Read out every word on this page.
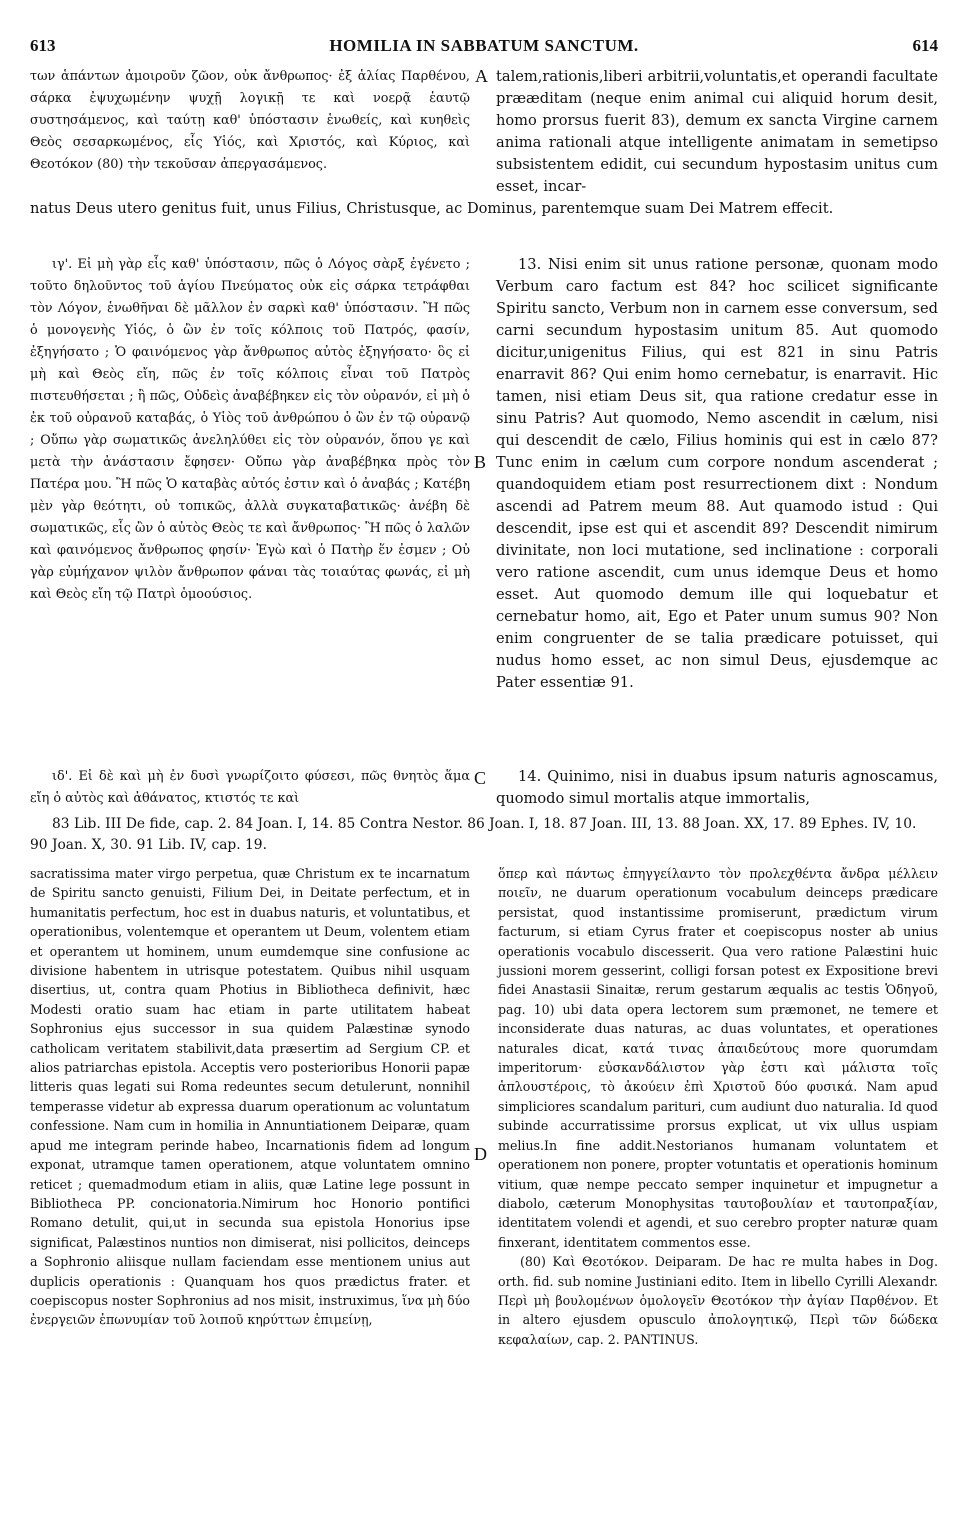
613	HOMILIA IN SABBATUM SANCTUM.	614

των ἁπάντων ἀμοιροῦν ζῶον, οὐκ ἄνθρωπος· ἐξ ἁλίας Παρθένου, σάρκα ἐψυχωμένην ψυχῇ λογικῇ τε καὶ νοερᾷ ἑαυτῷ συστησάμενος, καὶ ταύτῃ καθ' ὑπόστασιν ἑνωθείς, καὶ κυηθεὶς Θεὸς σεσαρκωμένος, εἷς Υἱός, καὶ Χριστός, καὶ Κύριος, καὶ Θεοτόκον (80) τὴν τεκοῦσαν ἀπεργασάμενος.

A talem,rationis,liberi arbitrii,voluntatis,et operandi facultate prææditam (neque enim animal cui aliquid horum desit, homo prorsus fuerit 83), demum ex sancta Virgine carnem anima rationali atque intelligente animatam in semetipso subsistentem edidit, cui secundum hypostasim unitus cum esset, incar-

natus Deus utero genitus fuit, unus Filius, Christusque, ac Dominus, parentemque suam Dei Matrem effecit.

ιγ'. Εἰ μὴ γὰρ εἷς καθ' ὑπόστασιν, πῶς ὁ Λόγος σὰρξ ἐγένετο ; τοῦτο δηλοῦντος τοῦ ἁγίου Πνεύματος οὐκ εἰς σάρκα τετράφθαι τὸν Λόγον, ἑνωθῆναι δὲ μᾶλλον ἐν σαρκὶ καθ' ὑπόστασιν. Ἢ πῶς ὁ μονογενὴς Υἱός, ὁ ὢν ἐν τοῖς κόλποις τοῦ Πατρός, φασίν, ἐξηγήσατο ; Ὁ φαινόμενος γὰρ ἄνθρωπος αὐτὸς ἐξηγήσατο· ὃς εἰ μὴ καὶ Θεὸς εἴη, πῶς ἐν τοῖς κόλποις εἶναι τοῦ Πατρὸς πιστευθήσεται ; ἢ πῶς, Οὐδεὶς ἀναβέβηκεν εἰς τὸν οὐρανόν, εἰ μὴ ὁ ἐκ τοῦ οὐρανοῦ καταβάς, ὁ Υἱὸς τοῦ ἀνθρώπου ὁ ὢν ἐν τῷ οὐρανῷ ; Οὔπω γὰρ σωματικῶς ἀνεληλύθει εἰς τὸν οὐρανόν, ὅπου γε καὶ μετὰ τὴν ἀνάστασιν ἔφησεν· Οὔπω γὰρ ἀναβέβηκα πρὸς τὸν Πατέρα μου. Ἢ πῶς Ὁ καταβὰς αὐτός ἐστιν καὶ ὁ ἀναβάς ; Κατέβη μὲν γὰρ θεότητι, οὐ τοπικῶς, ἀλλὰ συγκαταβατικῶς· ἀνέβη δὲ σωματικῶς, εἷς ὢν ὁ αὐτὸς Θεὸς τε καὶ ἄνθρωπος· Ἢ πῶς ὁ λαλῶν καὶ φαινόμενος ἄνθρωπος φησίν· Ἐγὼ καὶ ὁ Πατὴρ ἕν ἐσμεν ; Οὐ γὰρ εὐμήχανον ψιλὸν ἄνθρωπον φάναι τὰς τοιαύτας φωνάς, εἰ μὴ καὶ Θεὸς εἴη τῷ Πατρὶ ὁμοούσιος.

B

13. Nisi enim sit unus ratione personæ, quonam modo Verbum caro factum est 84? hoc scilicet significante Spiritu sancto, Verbum non in carnem esse conversum, sed carni secundum hypostasim unitum 85. Aut quomodo dicitur,unigenitus Filius, qui est 821 in sinu Patris enarravit 86? Qui enim homo cernebatur, is enarravit. Hic tamen, nisi etiam Deus sit, qua ratione credatur esse in sinu Patris? Aut quomodo, Nemo ascendit in cælum, nisi qui descendit de cælo, Filius hominis qui est in cælo 87? Tunc enim in cælum cum corpore nondum ascenderat ; quandoquidem etiam post resurrectionem dixt : Nondum ascendi ad Patrem meum 88. Aut quamodo istud : Qui descendit, ipse est qui et ascendit 89? Descendit nimirum divinitate, non loci mutatione, sed inclinatione : corporali vero ratione ascendit, cum unus idemque Deus et homo esset. Aut quomodo demum ille qui loquebatur et cernebatur homo, ait, Ego et Pater unum sumus 90? Non enim congruenter de se talia prædicare potuisset, qui nudus homo esset, ac non simul Deus, ejusdemque ac Pater essentiæ 91.

ιδ'. Εἰ δὲ καὶ μὴ ἐν δυσὶ γνωρίζοιτο φύσεσι, πῶς θνητὸς ἅμα εἴη ὁ αὐτὸς καὶ ἀθάνατος, κτιστός τε καὶ

C	14. Quinimo, nisi in duabus ipsum naturis agnoscamus, quomodo simul mortalis atque immortalis,

83 Lib. III De fide, cap. 2. 84 Joan. I, 14. 85 Contra Nestor. 86 Joan. I, 18. 87 Joan. III, 13. 88 Joan. XX, 17. 89 Ephes. IV, 10. 90 Joan. X, 30. 91 Lib. IV, cap. 19.

sacratissima mater virgo perpetua, quæ Christum ex te incarnatum de Spiritu sancto genuisti, Filium Dei, in Deitate perfectum, et in humanitatis perfectum, hoc est in duabus naturis, et voluntatibus, et operationibus, volentemque et operantem ut Deum, volentem etiam et operantem ut hominem, unum eumdemque sine confusione ac divisione habentem in utrisque potestatem. Quibus nihil usquam disertius, ut, contra quam Photius in Bibliotheca definivit, hæc Modesti oratio suam hac etiam in parte utilitatem habeat Sophronius ejus successor in sua quidem Palæstinæ synodo catholicam veritatem stabilivit,data præsertim ad Sergium CP. et alios patriarchas epistola. Acceptis vero posterioribus Honorii papæ litteris quas legati sui Roma redeuntes secum detulerunt, nonnihil temperasse videtur ab expressa duarum operationum ac voluntatum confessione. Nam cum in homilia in Annuntiationem Deiparæ, quam apud me integram perinde habeo, Incarnationis fidem ad longum exponat, utramque tamen operationem, atque voluntatem omnino reticet ; quemadmodum etiam in aliis, quæ Latine lege possunt in Bibliotheca PP. concionatoria.Nimirum hoc Honorio pontifici Romano detulit, qui,ut in secunda sua epistola Honorius ipse significat, Palæstinos nuntios non dimiserat, nisi pollicitos, deinceps a Sophronio aliisque nullam faciendam esse mentionem unius aut duplicis operationis : Quanquam hos quos prædictus frater. et coepiscopus noster Sophronius ad nos misit, instruximus, ἵνα μὴ δύο ἐνεργειῶν ἐπωνυμίαν τοῦ λοιποῦ κηρύττων ἐπιμείνῃ,

D

ὅπερ καὶ πάντως ἐπηγγείλαντο τὸν προλεχθέντα ἄνδρα μέλλειν ποιεῖν, ne duarum operationum vocabulum deinceps prædicare persistat, quod instantissime promiserunt, prædictum virum facturum, si etiam Cyrus frater et coepiscopus noster ab unius operationis vocabulo discesserit. Qua vero ratione Palæstini huic jussioni morem gesserint, colligi forsan potest ex Expositione brevi fidei Anastasii Sinaitæ, rerum gestarum æqualis ac testis Ὁδηγοῦ, pag. 10) ubi data opera lectorem sum præmonet, ne temere et inconsiderate duas naturas, ac duas voluntates, et operationes naturales dicat, κατά τινας ἀπαιδεύτους more quorumdam imperitorum· εὐσκανδάλιστον γὰρ ἐστι καὶ μάλιστα τοῖς ἁπλουστέροις, τὸ ἀκούειν ἐπὶ Χριστοῦ δύο φυσικά. Nam apud simpliciores scandalum parituri, cum audiunt duo naturalia. Id quod subinde accurratissime prorsus explicat, ut vix ullus uspiam melius.In fine addit.Nestorianos humanam voluntatem et operationem non ponere, propter votuntatis et operationis hominum vitium, quæ nempe peccato semper inquinetur et impugnetur a diabolo, cæterum Monophysitas ταυτοβουλίαν et ταυτοπραξίαν, identitatem volendi et agendi, et suo cerebro propter naturæ quam finxerant, identitatem commentos esse.

(80) Καὶ Θεοτόκον. Deiparam. De hac re multa habes in Dog. orth. fid. sub nomine Justiniani edito. Item in libello Cyrilli Alexandr. Περὶ μὴ βουλομένων ὁμολογεῖν Θεοτόκον τὴν ἁγίαν Παρθένον. Et in altero ejusdem opusculo ἀπολογητικῷ, Περὶ τῶν δώδεκα κεφαλαίων, cap. 2. PANTINUS.
